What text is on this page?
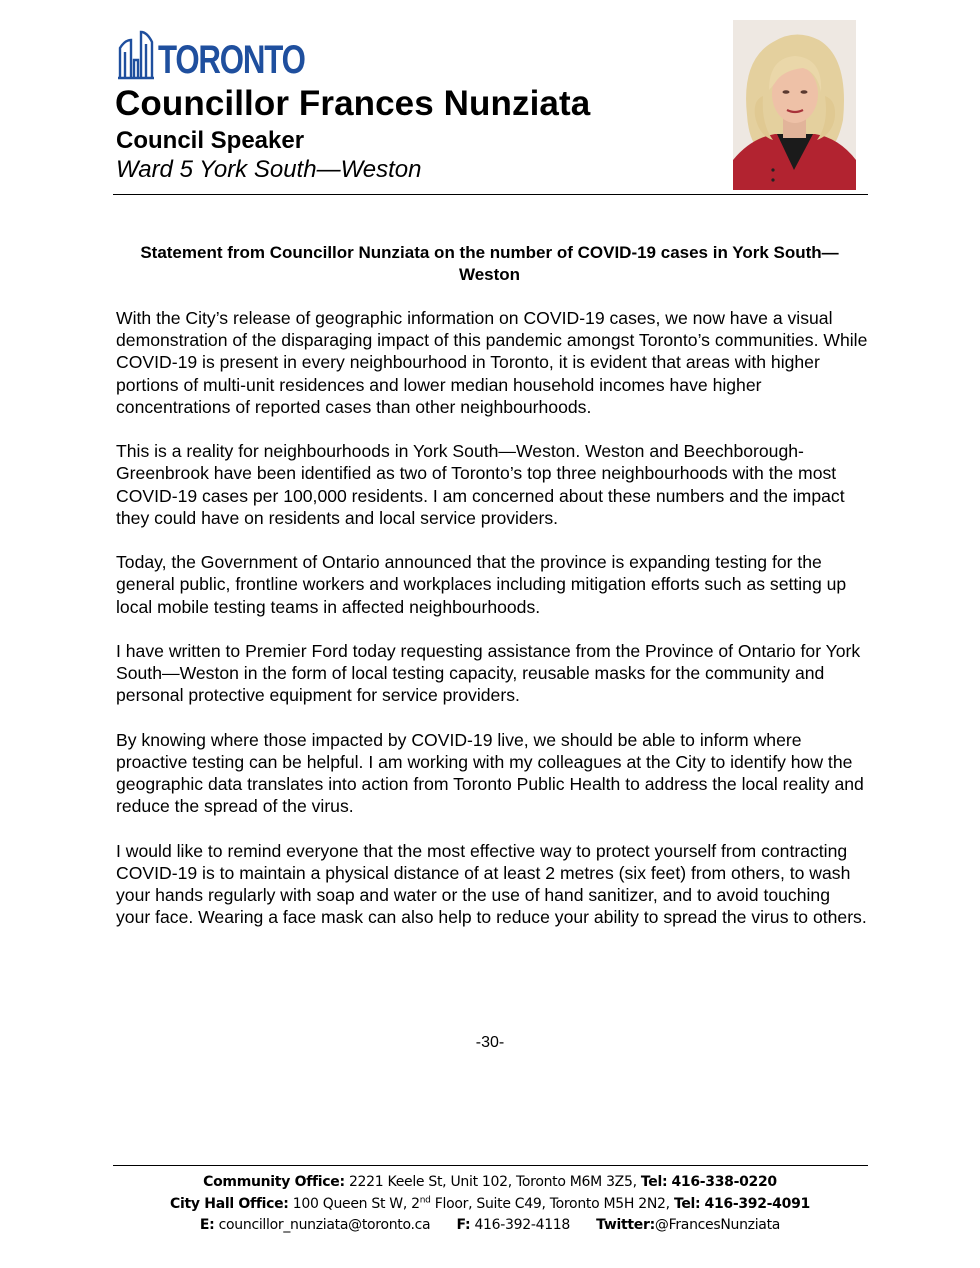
TORONTO
Councillor Frances Nunziata
Council Speaker
Ward 5 York South—Weston
Statement from Councillor Nunziata on the number of COVID-19 cases in York South—Weston

With the City’s release of geographic information on COVID-19 cases, we now have a visual demonstration of the disparaging impact of this pandemic amongst Toronto’s communities. While COVID-19 is present in every neighbourhood in Toronto, it is evident that areas with higher portions of multi-unit residences and lower median household incomes have higher concentrations of reported cases than other neighbourhoods.

This is a reality for neighbourhoods in York South—Weston. Weston and Beechborough-Greenbrook have been identified as two of Toronto’s top three neighbourhoods with the most COVID-19 cases per 100,000 residents. I am concerned about these numbers and the impact they could have on residents and local service providers.

Today, the Government of Ontario announced that the province is expanding testing for the general public, frontline workers and workplaces including mitigation efforts such as setting up local mobile testing teams in affected neighbourhoods.

I have written to Premier Ford today requesting assistance from the Province of Ontario for York South—Weston in the form of local testing capacity, reusable masks for the community and personal protective equipment for service providers.

By knowing where those impacted by COVID-19 live, we should be able to inform where proactive testing can be helpful. I am working with my colleagues at the City to identify how the geographic data translates into action from Toronto Public Health to address the local reality and reduce the spread of the virus.

I would like to remind everyone that the most effective way to protect yourself from contracting COVID-19 is to maintain a physical distance of at least 2 metres (six feet) from others, to wash your hands regularly with soap and water or the use of hand sanitizer, and to avoid touching your face. Wearing a face mask can also help to reduce your ability to spread the virus to others.

-30-
Community Office: 2221 Keele St, Unit 102, Toronto M6M 3Z5, Tel: 416-338-0220
City Hall Office: 100 Queen St W, 2nd Floor, Suite C49, Toronto M5H 2N2, Tel: 416-392-4091
E: councillor_nunziata@toronto.ca F: 416-392-4118 Twitter:@FrancesNunziata
